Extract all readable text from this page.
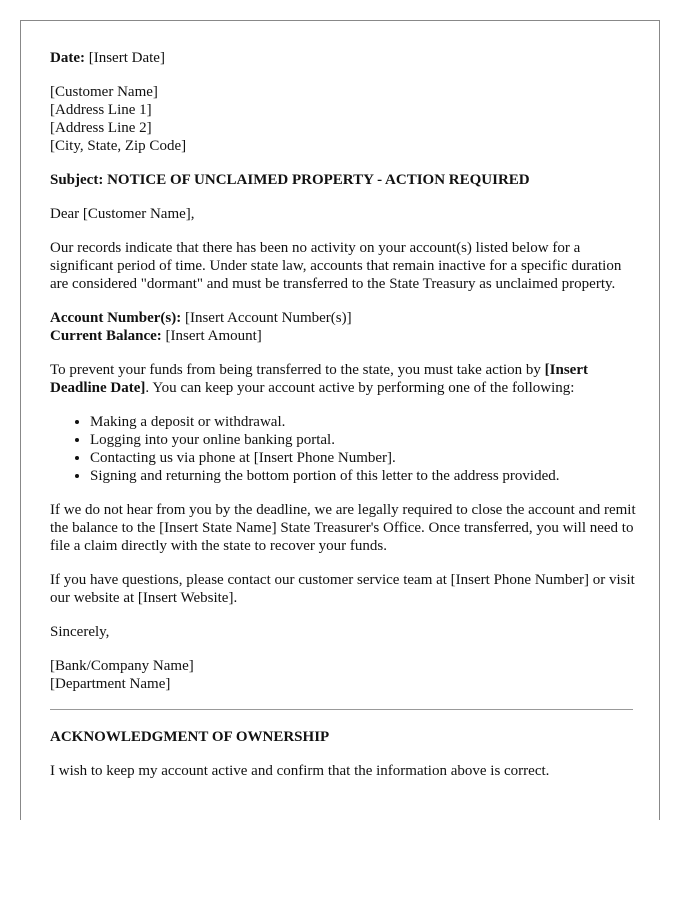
Date: [Insert Date]

[Customer Name]
[Address Line 1]
[Address Line 2]
[City, State, Zip Code]

Subject: NOTICE OF UNCLAIMED PROPERTY - ACTION REQUIRED

Dear [Customer Name],

Our records indicate that there has been no activity on your account(s) listed below for a significant period of time. Under state law, accounts that remain inactive for a specific duration are considered "dormant" and must be transferred to the State Treasury as unclaimed property.

Account Number(s): [Insert Account Number(s)]
Current Balance: [Insert Amount]

To prevent your funds from being transferred to the state, you must take action by [Insert Deadline Date]. You can keep your account active by performing one of the following:

• Making a deposit or withdrawal.
• Logging into your online banking portal.
• Contacting us via phone at [Insert Phone Number].
• Signing and returning the bottom portion of this letter to the address provided.

If we do not hear from you by the deadline, we are legally required to close the account and remit the balance to the [Insert State Name] State Treasurer's Office. Once transferred, you will need to file a claim directly with the state to recover your funds.

If you have questions, please contact our customer service team at [Insert Phone Number] or visit our website at [Insert Website].

Sincerely,

[Bank/Company Name]
[Department Name]
ACKNOWLEDGMENT OF OWNERSHIP

I wish to keep my account active and confirm that the information above is correct.
